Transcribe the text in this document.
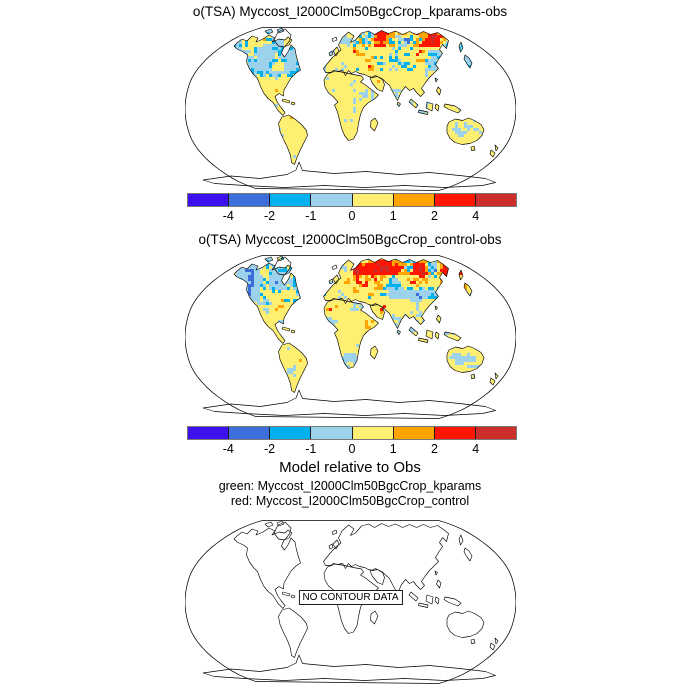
o(TSA) Myccost_I2000Clm50BgcCrop_kparams-obs
-4 -2 -1	0	1	2	4
o(TSA) Myccost_I2000Clm50BgcCrop_control-obs
-4 -2 -1	0	1	2	4
Model relative to Obs
green: Myccost_I2000Clm50BgcCrop_kparams
red: Myccost_I2000Clm50BgcCrop_control
NO CONTOUR DATA
